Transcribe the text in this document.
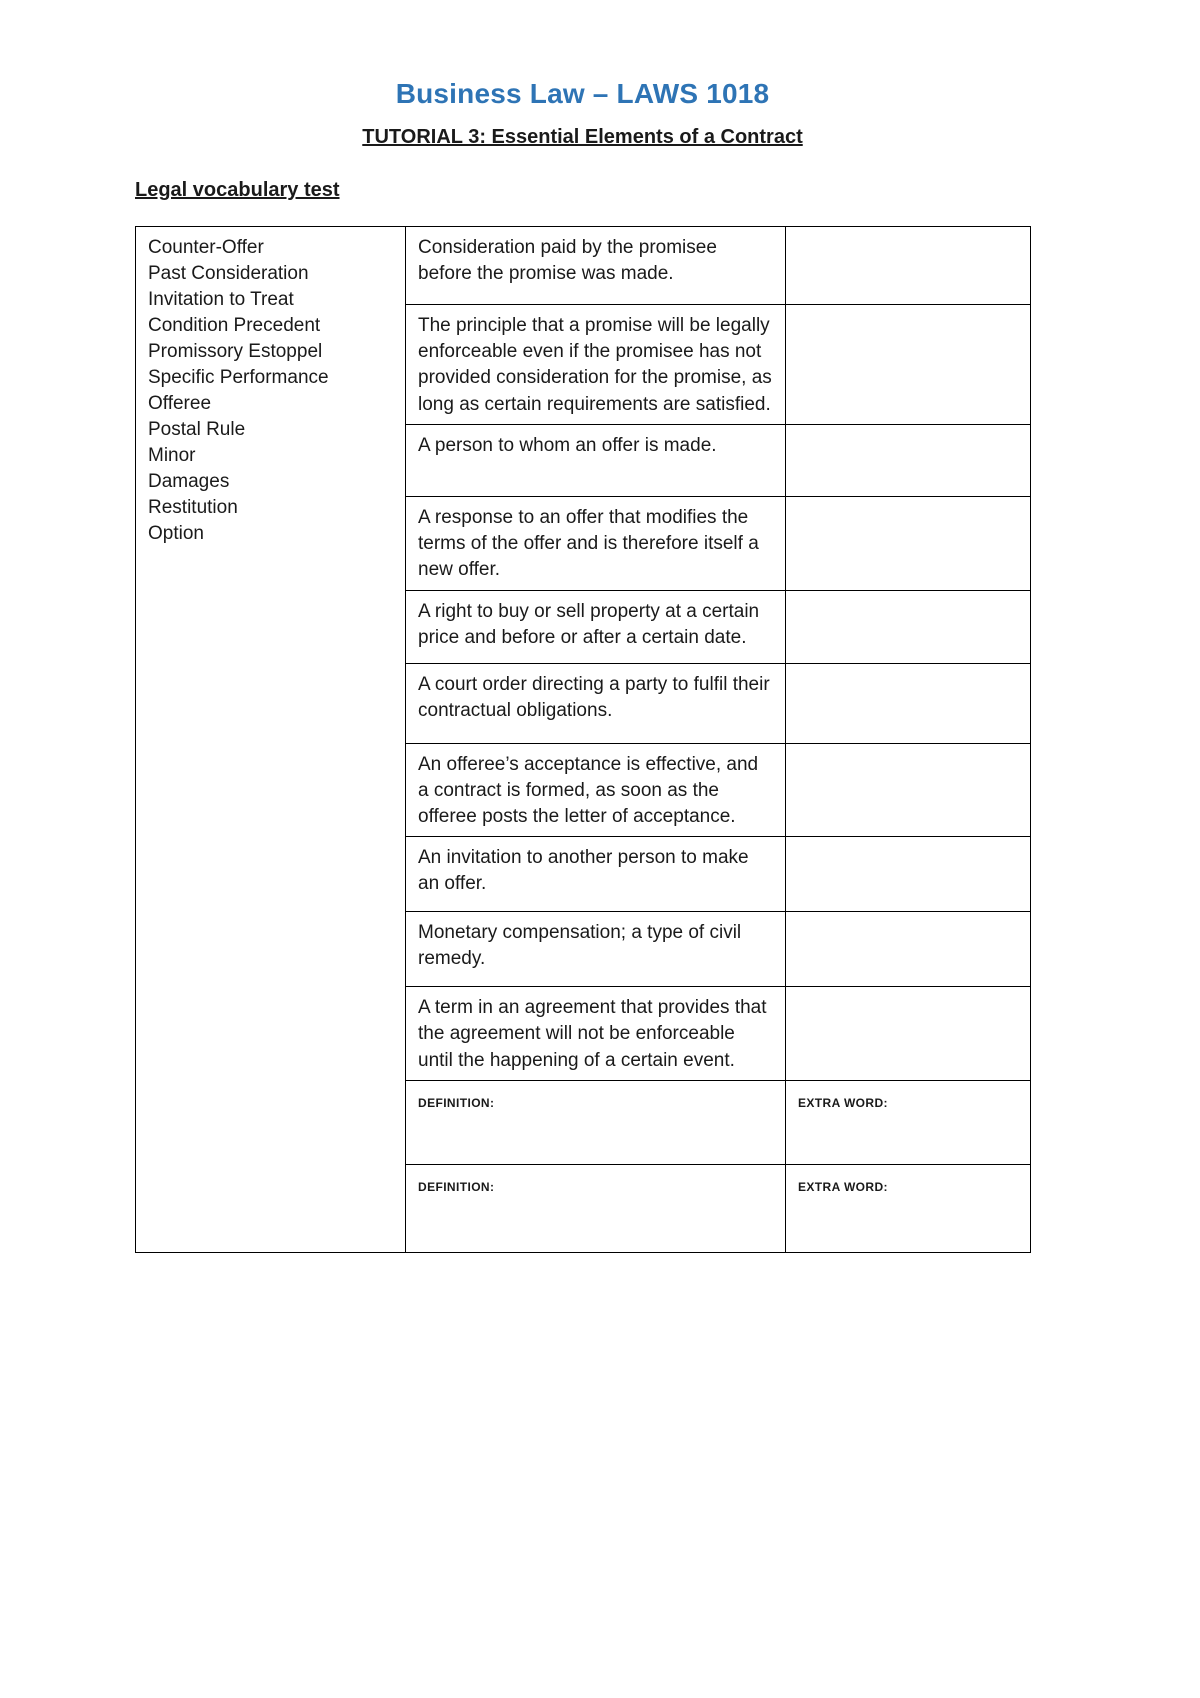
Business Law – LAWS 1018
TUTORIAL 3: Essential Elements of a Contract
Legal vocabulary test
Counter-Offer
Past Consideration
Invitation to Treat
Condition Precedent
Promissory Estoppel
Specific Performance
Offeree
Postal Rule
Minor
Damages
Restitution
Option
	Consideration paid by the promisee before the promise was made.	
	The principle that a promise will be legally enforceable even if the promisee has not provided consideration for the promise, as long as certain requirements are satisfied.	
	A person to whom an offer is made.	
	A response to an offer that modifies the terms of the offer and is therefore itself a new offer.	
	A right to buy or sell property at a certain price and before or after a certain date.	
	A court order directing a party to fulfil their contractual obligations.	
	An offeree’s acceptance is effective, and a contract is formed, as soon as the offeree posts the letter of acceptance.	
	An invitation to another person to make an offer.	
	Monetary compensation; a type of civil remedy.	
	A term in an agreement that provides that the agreement will not be enforceable until the happening of a certain event.	
	DEFINITION:	EXTRA WORD:
	DEFINITION:	EXTRA WORD:
